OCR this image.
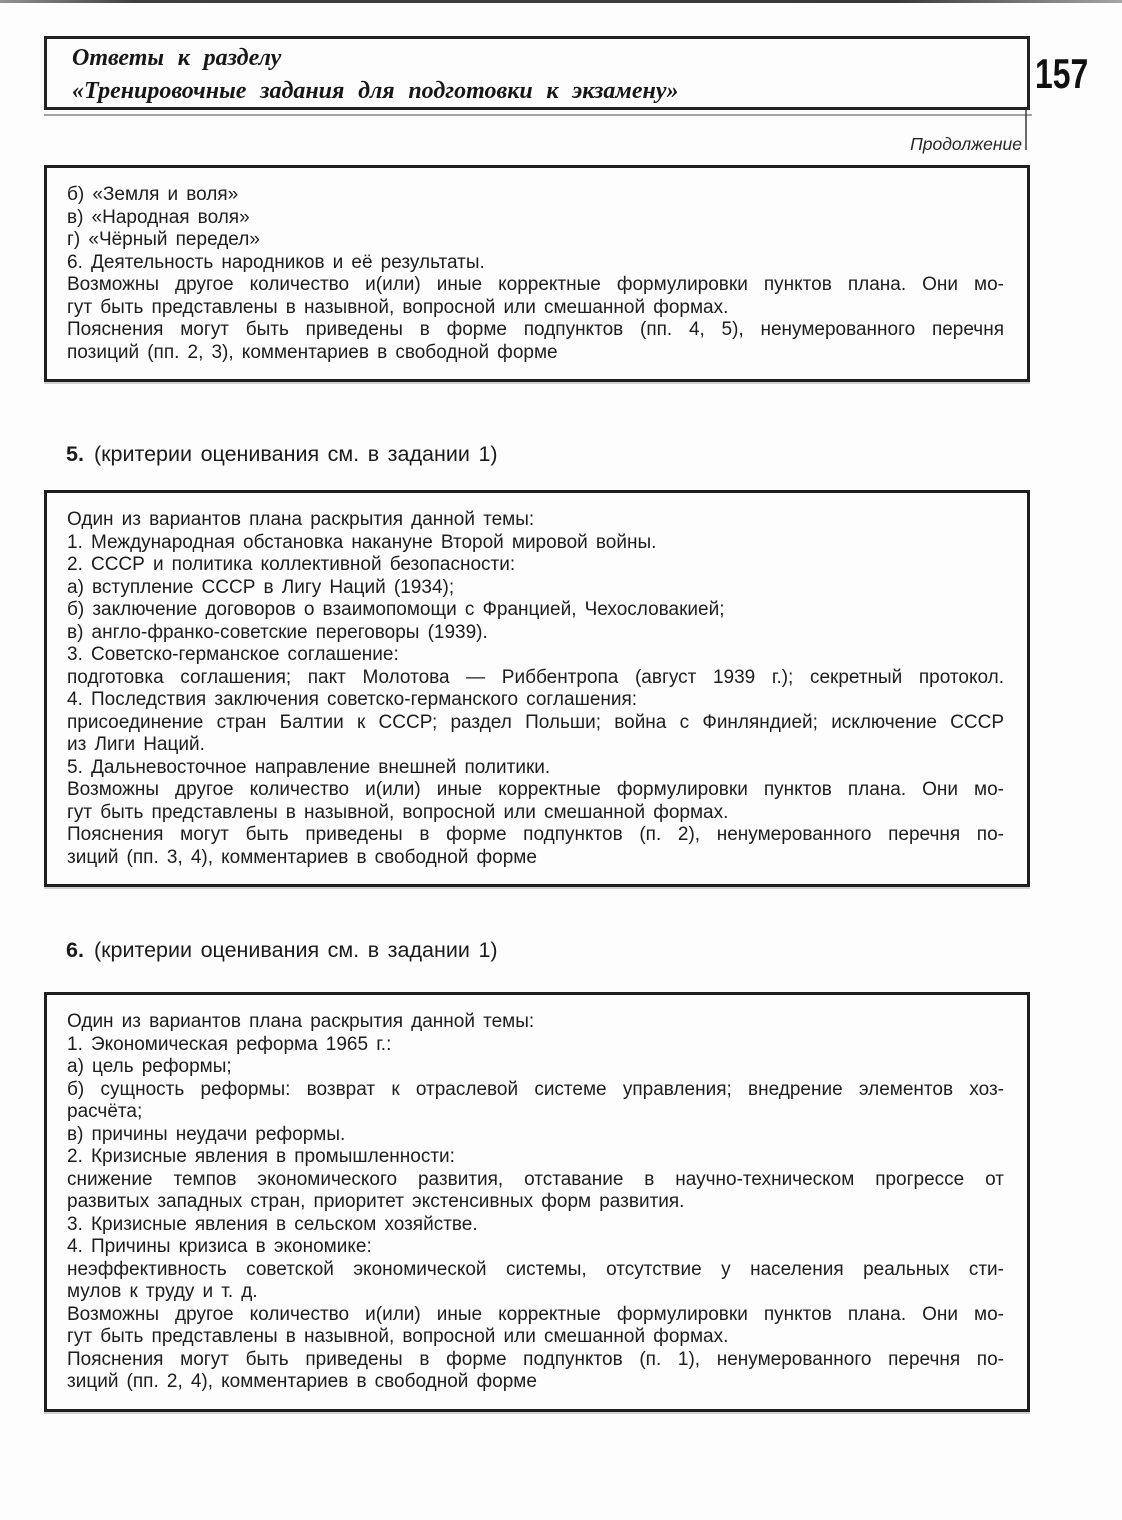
Ответы к разделу
«Тренировочные задания для подготовки к экзамену»	157
Продолжение
б) «Земля и воля»
в) «Народная воля»
г) «Чёрный передел»
6. Деятельность народников и её результаты.
Возможны другое количество и(или) иные корректные формулировки пунктов плана. Они мо-
гут быть представлены в назывной, вопросной или смешанной формах.
Пояснения могут быть приведены в форме подпунктов (пп. 4, 5), ненумерованного перечня
позиций (пп. 2, 3), комментариев в свободной форме
5. (критерии оценивания см. в задании 1)
Один из вариантов плана раскрытия данной темы:
1. Международная обстановка накануне Второй мировой войны.
2. СССР и политика коллективной безопасности:
а) вступление СССР в Лигу Наций (1934);
б) заключение договоров о взаимопомощи с Францией, Чехословакией;
в) англо-франко-советские переговоры (1939).
3. Советско-германское соглашение:
подготовка соглашения; пакт Молотова — Риббентропа (август 1939 г.); секретный протокол.
4. Последствия заключения советско-германского соглашения:
присоединение стран Балтии к СССР; раздел Польши; война с Финляндией; исключение СССР
из Лиги Наций.
5. Дальневосточное направление внешней политики.
Возможны другое количество и(или) иные корректные формулировки пунктов плана. Они мо-
гут быть представлены в назывной, вопросной или смешанной формах.
Пояснения могут быть приведены в форме подпунктов (п. 2), ненумерованного перечня по-
зиций (пп. 3, 4), комментариев в свободной форме
6. (критерии оценивания см. в задании 1)
Один из вариантов плана раскрытия данной темы:
1. Экономическая реформа 1965 г.:
а) цель реформы;
б) сущность реформы: возврат к отраслевой системе управления; внедрение элементов хоз-
расчёта;
в) причины неудачи реформы.
2. Кризисные явления в промышленности:
снижение темпов экономического развития, отставание в научно-техническом прогрессе от
развитых западных стран, приоритет экстенсивных форм развития.
3. Кризисные явления в сельском хозяйстве.
4. Причины кризиса в экономике:
неэффективность советской экономической системы, отсутствие у населения реальных сти-
мулов к труду и т. д.
Возможны другое количество и(или) иные корректные формулировки пунктов плана. Они мо-
гут быть представлены в назывной, вопросной или смешанной формах.
Пояснения могут быть приведены в форме подпунктов (п. 1), ненумерованного перечня по-
зиций (пп. 2, 4), комментариев в свободной форме
